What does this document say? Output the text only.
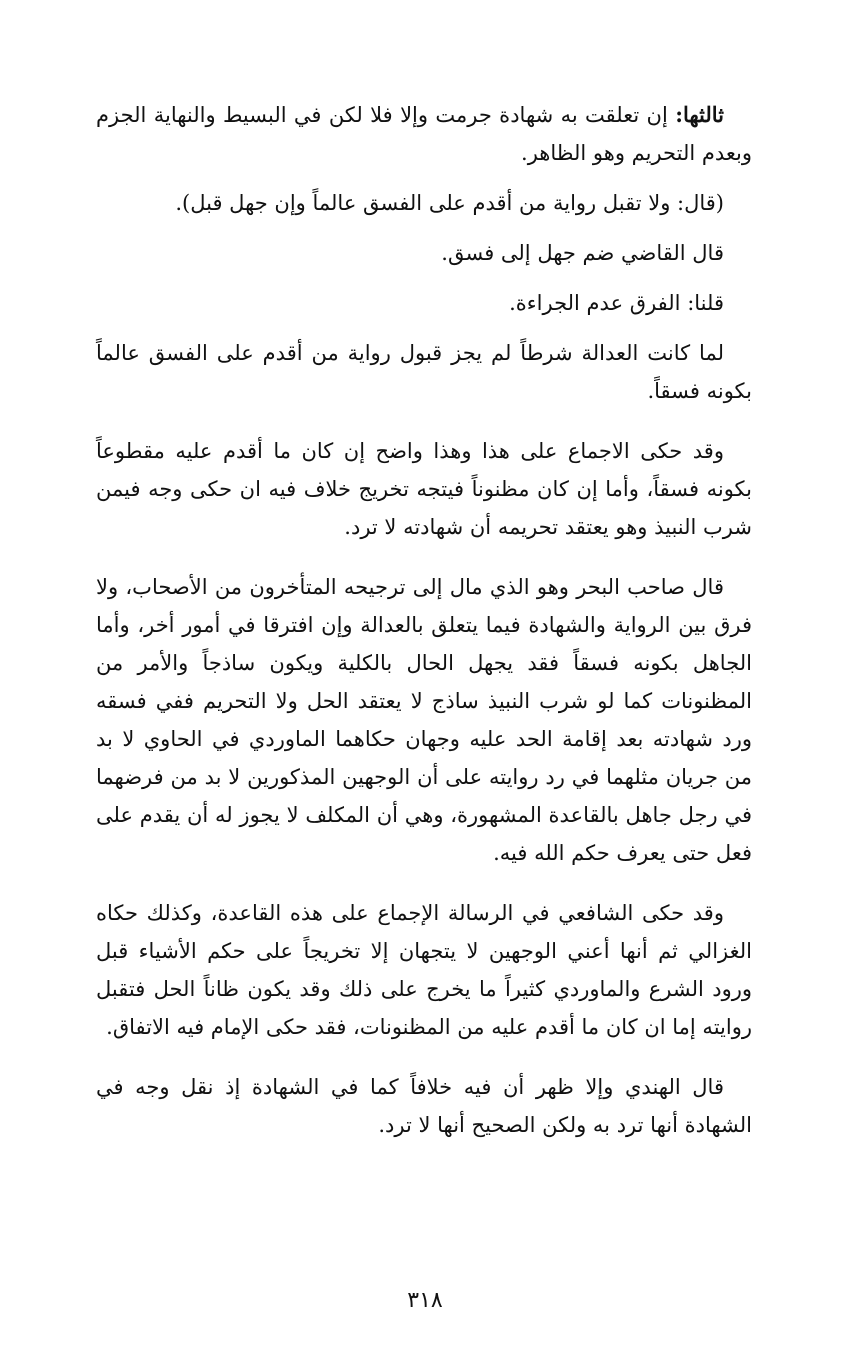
ثالثها: إن تعلقت به شهادة جرمت وإلا فلا لكن في البسيط والنهاية الجزم وبعدم التحريم وهو الظاهر.

(قال: ولا تقبل رواية من أقدم على الفسق عالماً وإن جهل قبل).

قال القاضي ضم جهل إلى فسق.

قلنا: الفرق عدم الجراءة.

لما كانت العدالة شرطاً لم يجز قبول رواية من أقدم على الفسق عالماً بكونه فسقاً.

وقد حكى الاجماع على هذا وهذا واضح إن كان ما أقدم عليه مقطوعاً بكونه فسقاً، وأما إن كان مظنوناً فيتجه تخريج خلاف فيه ان حكى وجه فيمن شرب النبيذ وهو يعتقد تحريمه أن شهادته لا ترد.

قال صاحب البحر وهو الذي مال إلى ترجيحه المتأخرون من الأصحاب، ولا فرق بين الرواية والشهادة فيما يتعلق بالعدالة وإن افترقا في أمور أخر، وأما الجاهل بكونه فسقاً فقد يجهل الحال بالكلية ويكون ساذجاً والأمر من المظنونات كما لو شرب النبيذ ساذج لا يعتقد الحل ولا التحريم ففي فسقه ورد شهادته بعد إقامة الحد عليه وجهان حكاهما الماوردي في الحاوي لا بد من جريان مثلهما في رد روايته على أن الوجهين المذكورين لا بد من فرضهما في رجل جاهل بالقاعدة المشهورة، وهي أن المكلف لا يجوز له أن يقدم على فعل حتى يعرف حكم الله فيه.

وقد حكى الشافعي في الرسالة الإجماع على هذه القاعدة، وكذلك حكاه الغزالي ثم أنها أعني الوجهين لا يتجهان إلا تخريجاً على حكم الأشياء قبل ورود الشرع والماوردي كثيراً ما يخرج على ذلك وقد يكون ظاناً الحل فتقبل روايته إما ان كان ما أقدم عليه من المظنونات، فقد حكى الإمام فيه الاتفاق.

قال الهندي وإلا ظهر أن فيه خلافاً كما في الشهادة إذ نقل وجه في الشهادة أنها ترد به ولكن الصحيح أنها لا ترد.

٣١٨
